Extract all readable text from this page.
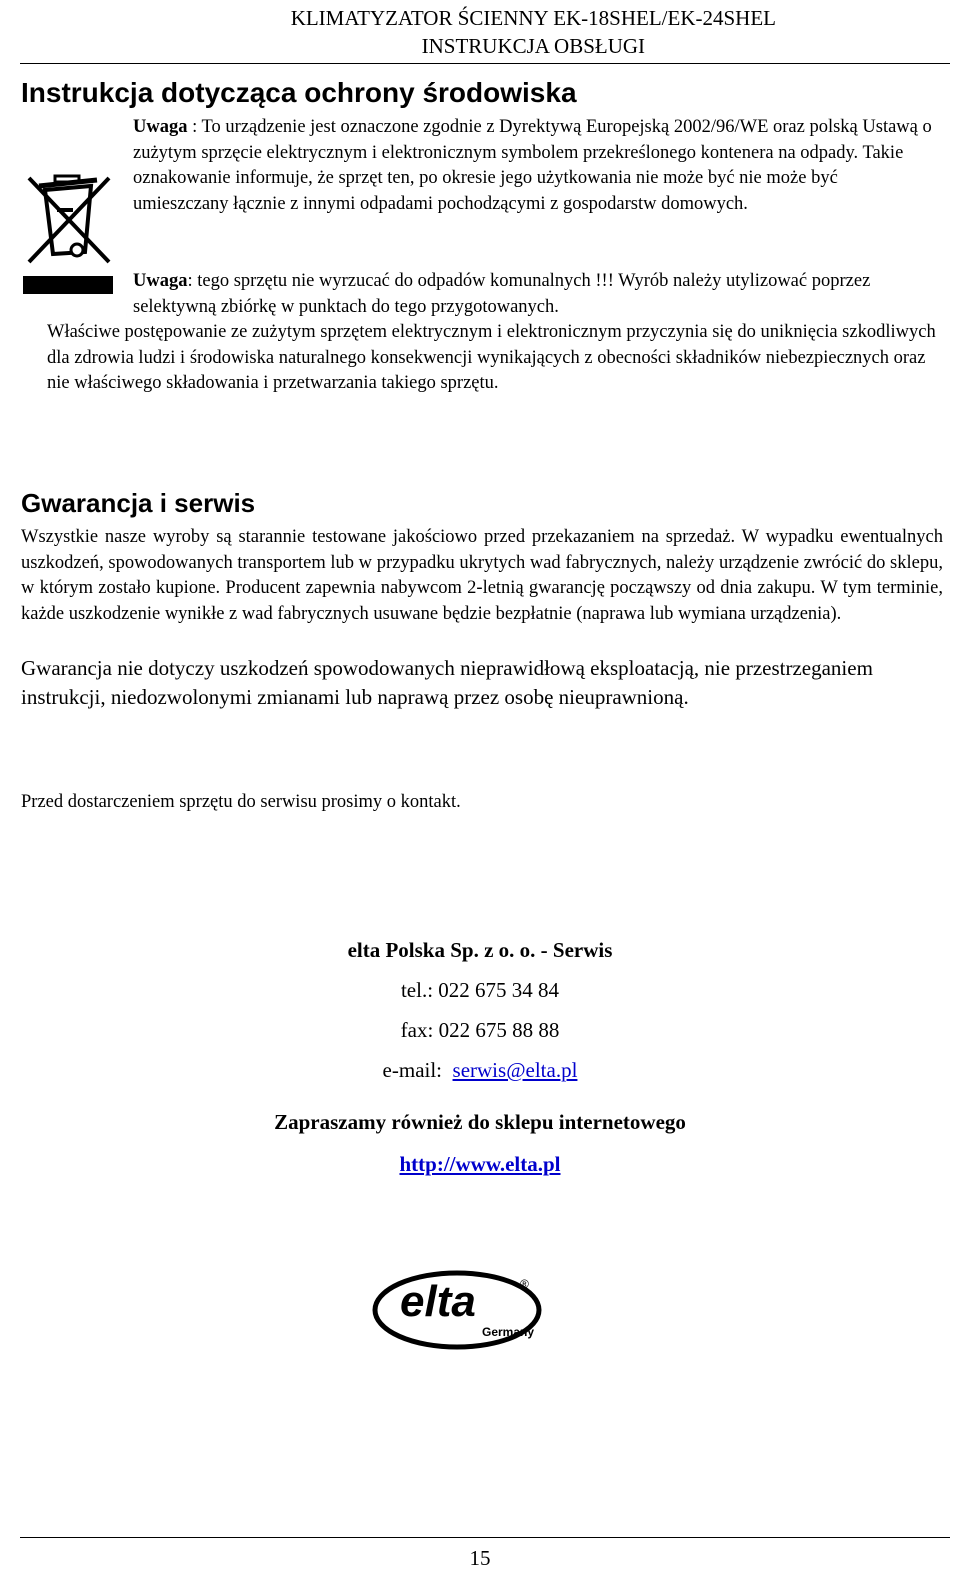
KLIMATYZATOR ŚCIENNY EK-18SHEL/EK-24SHEL
INSTRUKCJA OBSŁUGI
Instrukcja dotycząca ochrony środowiska
Uwaga : To urządzenie jest oznaczone zgodnie z Dyrektywą Europejską 2002/96/WE oraz polską Ustawą o zużytym sprzęcie elektrycznym i elektronicznym symbolem przekreślonego kontenera na odpady. Takie oznakowanie informuje, że sprzęt ten, po okresie jego użytkowania nie może być nie może być umieszczany łącznie z innymi odpadami pochodzącymi z gospodarstw domowych.
Uwaga: tego sprzętu nie wyrzucać do odpadów komunalnych !!! Wyrób należy utylizować poprzez selektywną zbiórkę w punktach do tego przygotowanych.
Właściwe postępowanie ze zużytym sprzętem elektrycznym i elektronicznym przyczynia się do uniknięcia szkodliwych dla zdrowia ludzi i środowiska naturalnego konsekwencji wynikających z obecności składników niebezpiecznych oraz nie właściwego składowania i przetwarzania takiego sprzętu.
Gwarancja i serwis
Wszystkie nasze wyroby są starannie testowane jakościowo przed przekazaniem na sprzedaż. W wypadku ewentualnych uszkodzeń, spowodowanych transportem lub w przypadku ukrytych wad fabrycznych, należy urządzenie zwrócić do sklepu, w którym zostało kupione. Producent zapewnia nabywcom 2-letnią gwarancję począwszy od dnia zakupu. W tym terminie, każde uszkodzenie wynikłe z wad fabrycznych usuwane będzie bezpłatnie (naprawa lub wymiana urządzenia).
Gwarancja nie dotyczy uszkodzeń spowodowanych nieprawidłową eksploatacją, nie przestrzeganiem instrukcji, niedozwolonymi zmianami lub naprawą przez osobę nieuprawnioną.
Przed dostarczeniem sprzętu do serwisu prosimy o kontakt.
elta Polska Sp. z o. o. - Serwis
tel.: 022 675 34 84
fax: 022 675 88 88
e-mail: serwis@elta.pl
Zapraszamy również do sklepu internetowego
http://www.elta.pl
elta
Germany
®
15
